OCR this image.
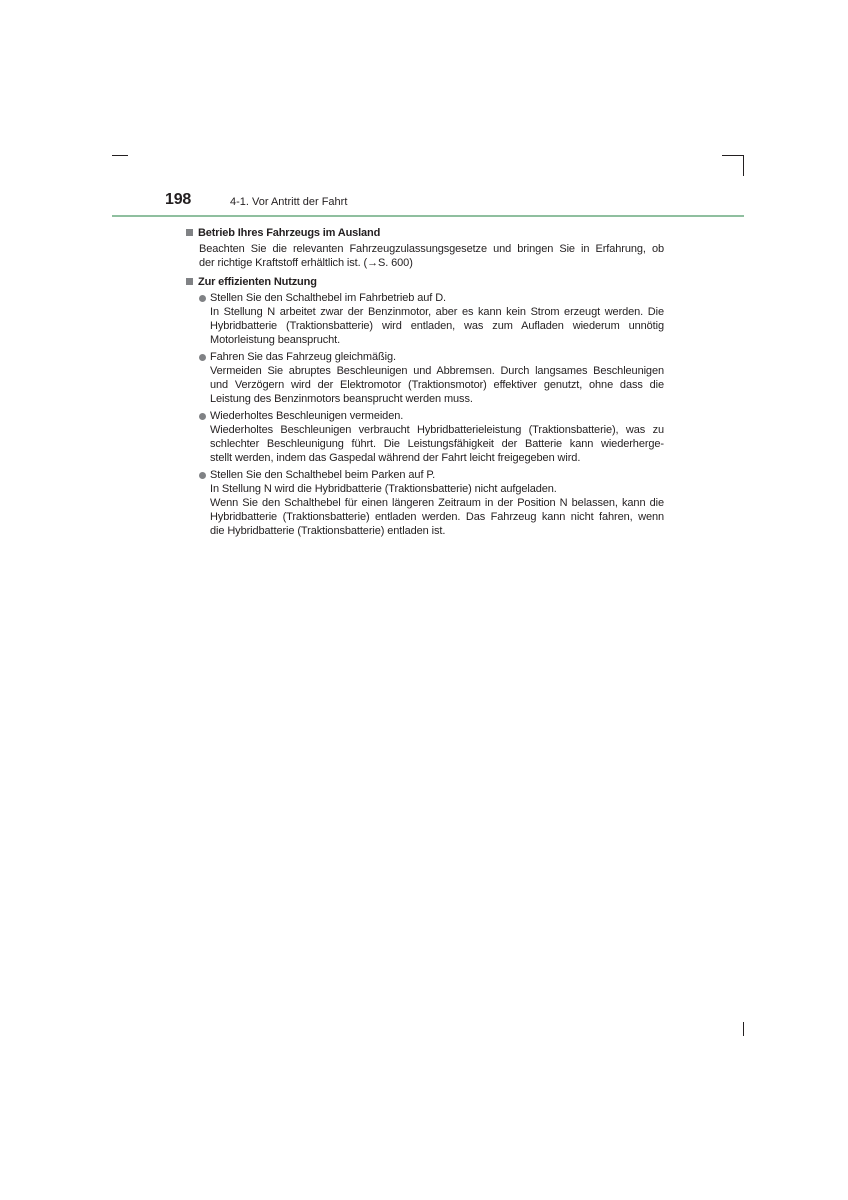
198	4-1. Vor Antritt der Fahrt
Betrieb Ihres Fahrzeugs im Ausland
Beachten Sie die relevanten Fahrzeugzulassungsgesetze und bringen Sie in Erfahrung, ob
der richtige Kraftstoff erhältlich ist. (→S. 600)
Zur effizienten Nutzung
Stellen Sie den Schalthebel im Fahrbetrieb auf D.
In Stellung N arbeitet zwar der Benzinmotor, aber es kann kein Strom erzeugt werden. Die
Hybridbatterie (Traktionsbatterie) wird entladen, was zum Aufladen wiederum unnötig
Motorleistung beansprucht.
Fahren Sie das Fahrzeug gleichmäßig.
Vermeiden Sie abruptes Beschleunigen und Abbremsen. Durch langsames Beschleunigen
und Verzögern wird der Elektromotor (Traktionsmotor) effektiver genutzt, ohne dass die
Leistung des Benzinmotors beansprucht werden muss.
Wiederholtes Beschleunigen vermeiden.
Wiederholtes Beschleunigen verbraucht Hybridbatterieleistung (Traktionsbatterie), was zu
schlechter Beschleunigung führt. Die Leistungsfähigkeit der Batterie kann wiederherge-
stellt werden, indem das Gaspedal während der Fahrt leicht freigegeben wird.
Stellen Sie den Schalthebel beim Parken auf P.
In Stellung N wird die Hybridbatterie (Traktionsbatterie) nicht aufgeladen.
Wenn Sie den Schalthebel für einen längeren Zeitraum in der Position N belassen, kann die
Hybridbatterie (Traktionsbatterie) entladen werden. Das Fahrzeug kann nicht fahren, wenn
die Hybridbatterie (Traktionsbatterie) entladen ist.
